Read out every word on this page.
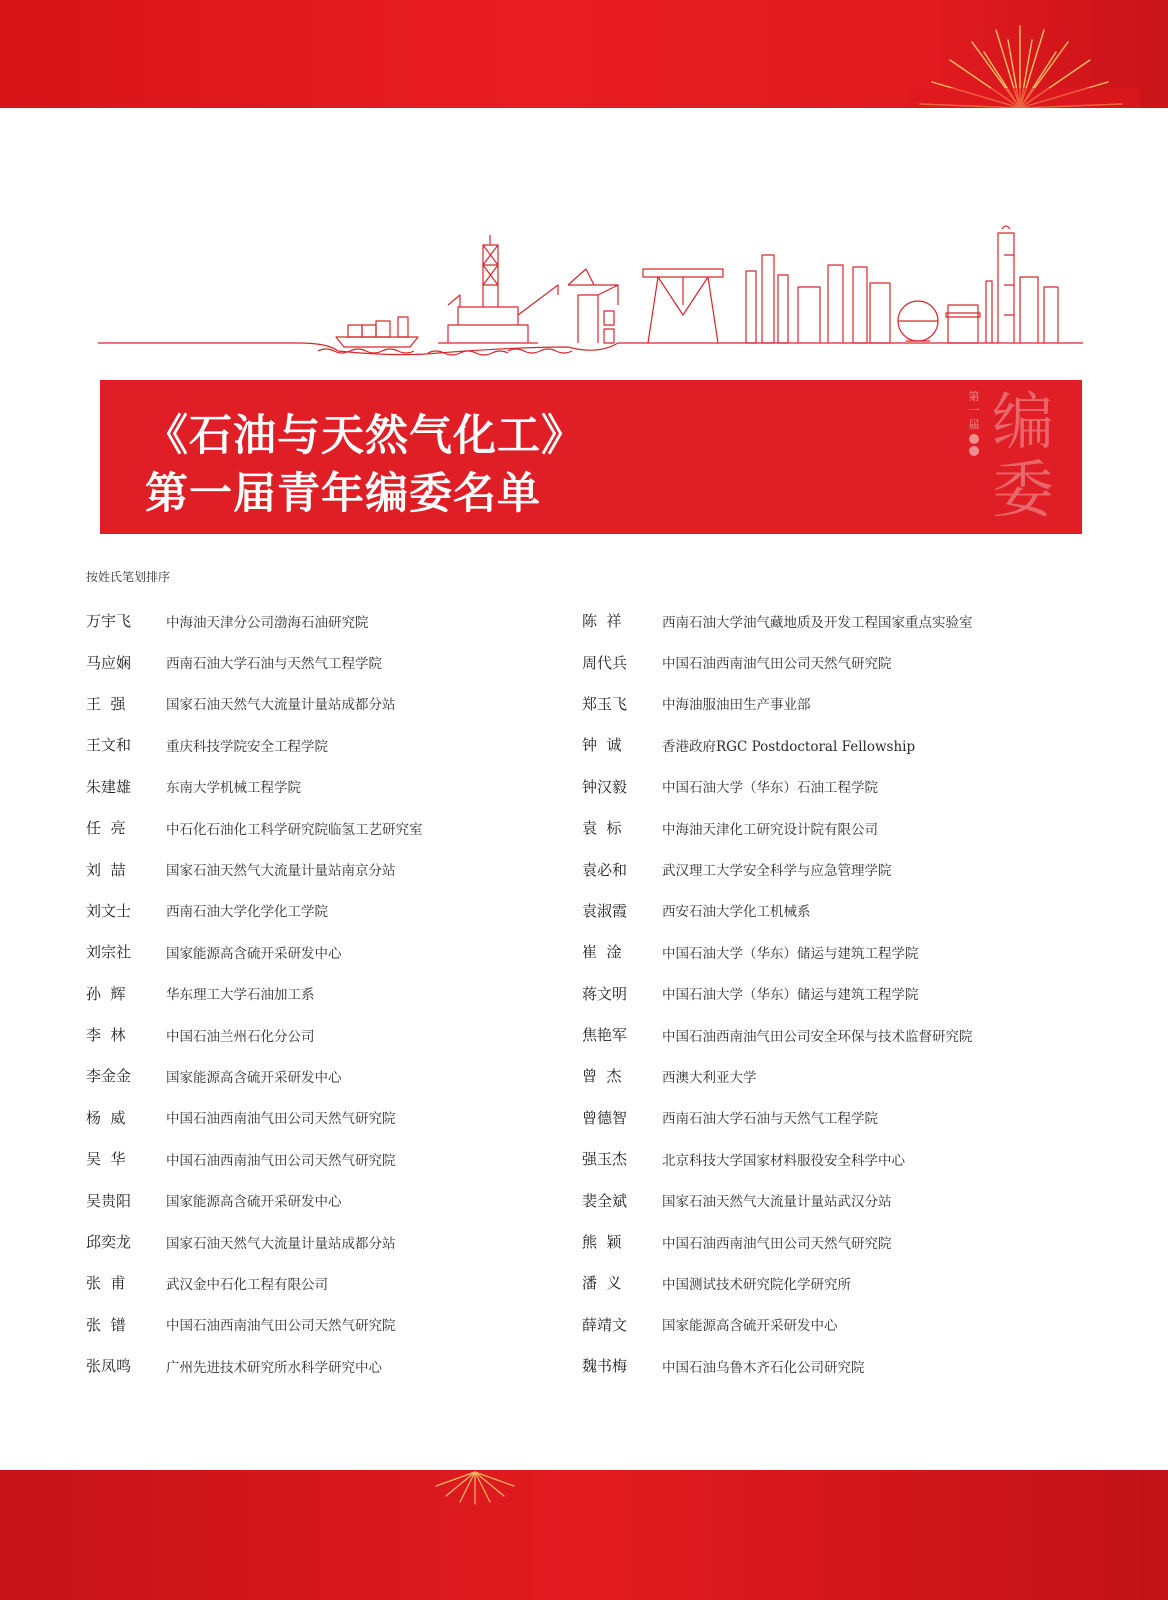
《石油与天然气化工》
第一届青年编委名单
第一届 编委
按姓氏笔划排序
万宇飞	中海油天津分公司渤海石油研究院
马应娴	西南石油大学石油与天然气工程学院
王  强	国家石油天然气大流量计量站成都分站
王文和	重庆科技学院安全工程学院
朱建雄	东南大学机械工程学院
任  亮	中石化石油化工科学研究院临氢工艺研究室
刘  喆	国家石油天然气大流量计量站南京分站
刘文士	西南石油大学化学化工学院
刘宗社	国家能源高含硫开采研发中心
孙  辉	华东理工大学石油加工系
李  林	中国石油兰州石化分公司
李金金	国家能源高含硫开采研发中心
杨  威	中国石油西南油气田公司天然气研究院
吴  华	中国石油西南油气田公司天然气研究院
吴贵阳	国家能源高含硫开采研发中心
邱奕龙	国家石油天然气大流量计量站成都分站
张  甫	武汉金中石化工程有限公司
张  镨	中国石油西南油气田公司天然气研究院
张凤鸣	广州先进技术研究所水科学研究中心
陈  祥	西南石油大学油气藏地质及开发工程国家重点实验室
周代兵	中国石油西南油气田公司天然气研究院
郑玉飞	中海油服油田生产事业部
钟  诚	香港政府RGC Postdoctoral Fellowship
钟汉毅	中国石油大学（华东）石油工程学院
袁  标	中海油天津化工研究设计院有限公司
袁必和	武汉理工大学安全科学与应急管理学院
袁淑霞	西安石油大学化工机械系
崔  淦	中国石油大学（华东）储运与建筑工程学院
蒋文明	中国石油大学（华东）储运与建筑工程学院
焦艳军	中国石油西南油气田公司安全环保与技术监督研究院
曾  杰	西澳大利亚大学
曾德智	西南石油大学石油与天然气工程学院
强玉杰	北京科技大学国家材料服役安全科学中心
裴全斌	国家石油天然气大流量计量站武汉分站
熊  颖	中国石油西南油气田公司天然气研究院
潘  义	中国测试技术研究院化学研究所
薛靖文	国家能源高含硫开采研发中心
魏书梅	中国石油乌鲁木齐石化公司研究院
